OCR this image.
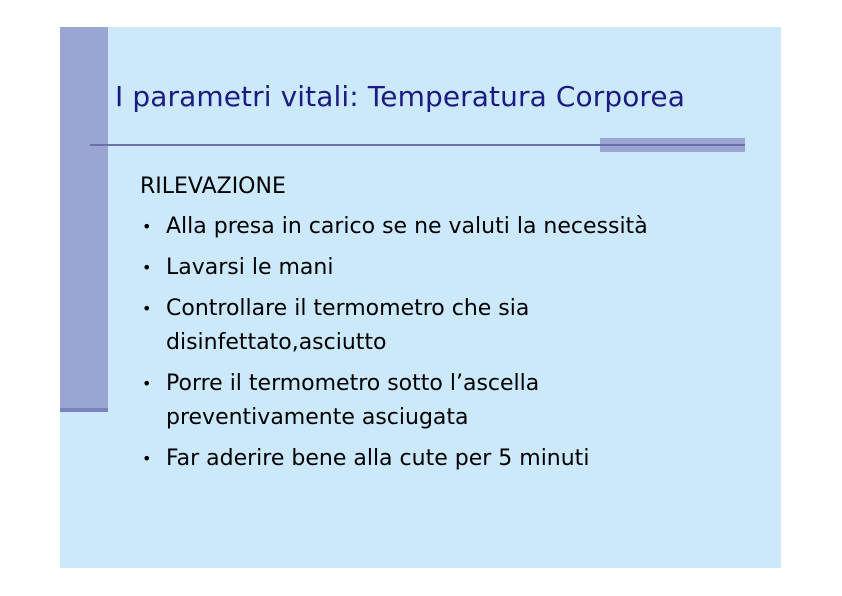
I parametri vitali: Temperatura Corporea

RILEVAZIONE

• Alla presa in carico se ne valuti la necessità
• Lavarsi le mani
• Controllare il termometro che sia
disinfettato,asciutto
• Porre il termometro sotto l’ascella
preventivamente asciugata
• Far aderire bene alla cute per 5 minuti
